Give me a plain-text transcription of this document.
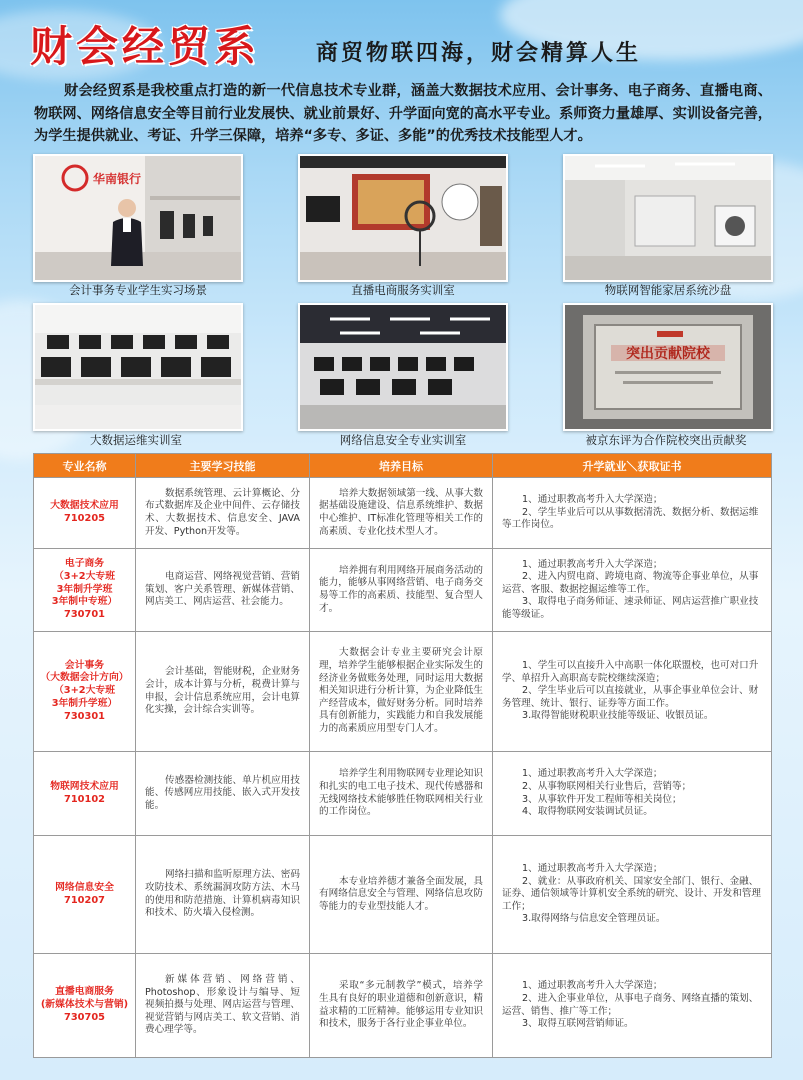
财会经贸系	商贸物联四海，财会精算人生
财会经贸系是我校重点打造的新一代信息技术专业群，涵盖大数据技术应用、会计事务、电子商务、直播电商、物联网、网络信息安全等目前行业发展快、就业前景好、升学面向宽的高水平专业。系师资力量雄厚、实训设备完善，为学生提供就业、考证、升学三保障，培养“多专、多证、多能”的优秀技术技能型人才。
华南银行
会计事务专业学生实习场景	直播电商服务实训室	物联网智能家居系统沙盘
大数据运维实训室	网络信息安全专业实训室
突出贡献院校
被京东评为合作院校突出贡献奖
专业名称	主要学习技能	培养目标	升学就业＼获取证书

大数据技术应用
710205	数据系统管理、云计算概论、分布式数据库及企业中间件、云存储技术、大数据技术、信息安全、JAVA开发、Python开发等。	培养大数据领域第一线、从事大数据基础设施建设、信息系统维护、数据中心维护、IT标准化管理等相关工作的高素质、专业化技术型人才。	1、通过职教高考升入大学深造；
2、学生毕业后可以从事数据清洗、数据分析、数据运维等工作岗位。

电子商务
（3+2大专班
3年制升学班
3年制中专班）
730701	电商运营、网络视觉营销、营销策划、客户关系管理、新媒体营销、网店美工、网店运营、社会能力。	培养拥有利用网络开展商务活动的能力，能够从事网络营销、电子商务交易等工作的高素质、技能型、复合型人才。	1、通过职教高考升入大学深造；
2、进入内贸电商、跨境电商、物流等企事业单位，从事运营、客服、数据挖掘运维等工作。
3、取得电子商务师证、速录师证、网店运营推广职业技能等级证。

会计事务
（大数据会计方向）
（3+2大专班
3年制升学班）
730301	会计基础，智能财税，企业财务会计，成本计算与分析，税费计算与申报，会计信息系统应用，会计电算化实操，会计综合实训等。	大数据会计专业主要研究会计原理，培养学生能够根据企业实际发生的经济业务做账务处理，同时运用大数据相关知识进行分析计算，为企业降低生产经营成本，做好财务分析。同时培养具有创新能力，实践能力和自我发展能力的高素质应用型专门人才。	1、学生可以直接升入中高职一体化联盟校，也可对口升学、单招升入高职高专院校继续深造；
2、学生毕业后可以直接就业，从事企事业单位会计、财务管理、统计、银行、证券等方面工作。
3.取得智能财税职业技能等级证、收银员证。

物联网技术应用
710102	传感器检测技能、单片机应用技能、传感网应用技能、嵌入式开发技能。	培养学生利用物联网专业理论知识和扎实的电工电子技术、现代传感器和无线网络技术能够胜任物联网相关行业的工作岗位。	1、通过职教高考升入大学深造；
2、从事物联网相关行业售后，营销等；
3、从事软件开发工程师等相关岗位；
4、取得物联网安装调试员证。

网络信息安全
710207	网络扫描和监听原理方法、密码攻防技术、系统漏洞攻防方法、木马的使用和防范措施、计算机病毒知识和技术、防火墙入侵检测。	本专业培养德才兼备全面发展，具有网络信息安全与管理、网络信息攻防等能力的专业型技能人才。	1、通过职教高考升入大学深造；
2、就业：从事政府机关、国家安全部门、银行、金融、证券、通信领域等计算机安全系统的研究、设计、开发和管理工作；
3.取得网络与信息安全管理员证。

直播电商服务
(新媒体技术与营销)
730705	新媒体营销、网络营销、Photoshop、形象设计与编导、短视频拍摄与处理、网店运营与管理、视觉营销与网店美工、软文营销、消费心理学等。	采取“多元制教学”模式，培养学生具有良好的职业道德和创新意识，精益求精的工匠精神。能够运用专业知识和技术，服务于各行业企事业单位。	1、通过职教高考升入大学深造；
2、进入企事业单位，从事电子商务、网络直播的策划、运营、销售、推广等工作；
3、取得互联网营销师证。
